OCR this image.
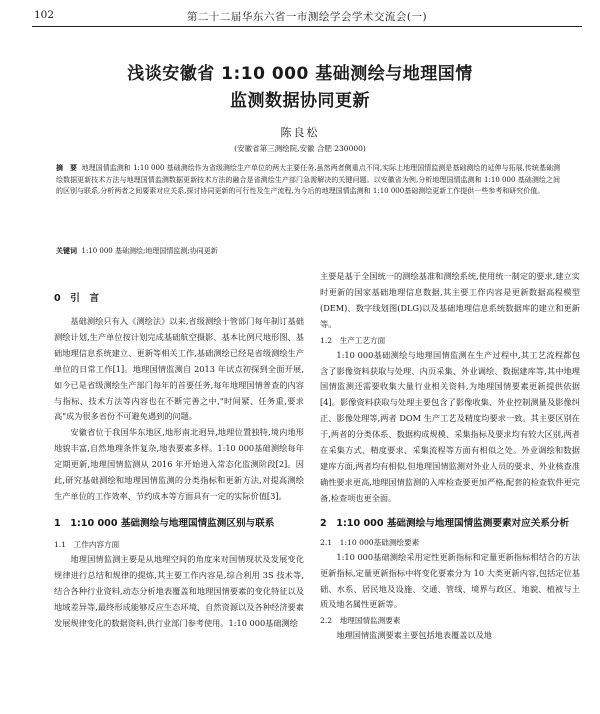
102	第二十二届华东六省一市测绘学会学术交流会(一)
浅谈安徽省 1:10 000 基础测绘与地理国情
监测数据协同更新
陈良松
(安徽省第三测绘院,安徽 合肥 230000)
摘　要 地理国情监测和 1:10 000 基础测绘作为省级测绘生产单位的两大主要任务,虽然两者侧重点不同,实际上地理国情监测是基础测绘的延伸与拓展,传统基础测绘数据更新技术方法与地理国情监测数据更新技术方法的融合是省测绘生产部门急需解决的关键问题。以安徽省为例,分析地理国情监测和 1:10 000 基础测绘之间的区别与联系,分析两者之间要素对应关系,探讨协同更新的可行性及生产流程,为今后的地理国情监测和 1:10 000基础测绘更新工作提供一些参考和研究价值。
关键词 1:10 000 基础测绘;地理国情监测;协同更新
0　引　言

基础测绘只有入《测绘法》以来,省级测绘十管部门每年制订基础测绘计划,生产单位按计划完成基础航空摄影、基本比例尺地形图、基础地理信息系统建立、更新等相关工作,基础测绘已经是省级测绘生产单位的日常工作[1]。地理国情监测自 2013 年试点初探到全面开展,如今已是省级测绘生产部门每年的首要任务,每年地理国情普查的内容与指标、技术方法等内容也在不断完善之中,"时间紧、任务重,要求高"成为很多省份不可避免遇到的问题。

安徽省位于我国华东地区,地形南北迥异,地理位置独特,境内地形地貌丰富,自然地理条件复杂,地表要素多样。1:10 000基础测绘每年定期更新,地理国情监测从 2016 年开始进入常态化监测阶段[2]。因此,研究基础测绘和地理国情监测的分类指标和更新方法,对提高测绘生产单位的工作效率、节约成本等方面具有一定的实际价值[3]。

1　1:10 000 基础测绘与地理国情监测区别与联系
1.1　工作内容方面

地理国情监测主要是从地理空间的角度来对国情现状及发展变化规律进行总结和规律的提炼,其主要工作内容是,综合利用 3S 技术等,结合各种行业资料,动态分析地表覆盖和地理国情要素的变化特征以及地域差异等,最终形成能够反应生态环境、自然资源以及各种经济要素发展规律变化的数据资料,供行业部门参考使用。1:10 000基础测绘

主要是基于全国统一的测绘基准和测绘系统,使用统一制定的要求,建立实时更新的国家基础地理信息数据,其主要工作内容是更新数据高程模型(DEM)、数字线划图(DLG)以及基础地理信息系统数据库的建立和更新等。
1.2　生产工艺方面

1:10 000基础测绘与地理国情监测在生产过程中,其工艺流程都包含了影像资料获取与处理、内页采集、外业调绘、数据建库等,其中地理国情监测还需要收集大量行业相关资料,为地理国情要素更新提供依据[4]。影像资料获取与处理主要包含了影像收集、外业控制测量及影像纠正、影像处理等,两者 DOM 生产工艺及精度均要求一致。其主要区别在于,两者的分类体系、数据构成规模、采集指标及要求均有较大区别,两者在采集方式、精度要求、采集流程等方面有相似之处。外业调绘和数据建库方面,两者均有相似,但地理国情监测对外业人员的要求、外业核查准确性要求更高,地理国情监测的入库检查要更加严格,配套的检查软件更完备,检查项也更全面。

2　1:10 000 基础测绘与地理国情监测要素对应关系分析
2.1　1:10 000基础测绘要素

1:10 000基础测绘采用定性更新指标和定量更新指标相结合的方法更新指标,定量更新指标中将变化要素分为 10 大类更新内容,包括定位基础、水系、居民地及设施、交通、管线、境界与政区、地貌、植被与土质及地名属性更新等。

2.2　地理国情监测要素

地理国情监测要素主要包括地表覆盖以及地
